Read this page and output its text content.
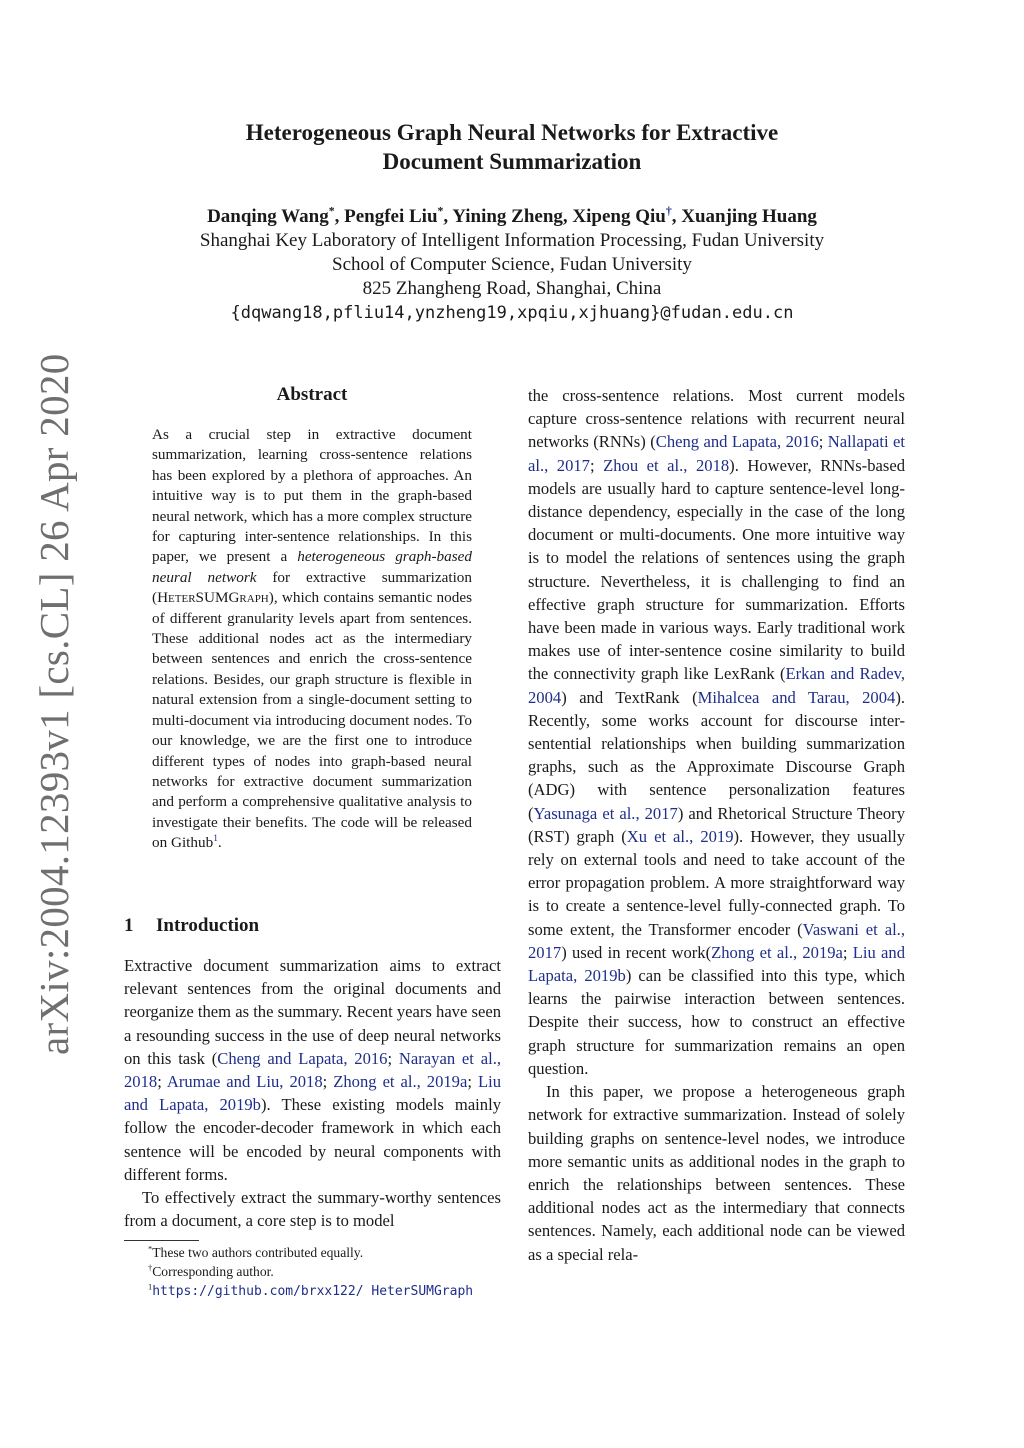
arXiv:2004.12393v1 [cs.CL] 26 Apr 2020
Heterogeneous Graph Neural Networks for Extractive
Document Summarization
Danqing Wang*, Pengfei Liu*, Yining Zheng, Xipeng Qiu†, Xuanjing Huang
Shanghai Key Laboratory of Intelligent Information Processing, Fudan University
School of Computer Science, Fudan University
825 Zhangheng Road, Shanghai, China
{dqwang18,pfliu14,ynzheng19,xpqiu,xjhuang}@fudan.edu.cn
Abstract
As a crucial step in extractive document summarization, learning cross-sentence relations has been explored by a plethora of approaches. An intuitive way is to put them in the graph-based neural network, which has a more complex structure for capturing inter-sentence relationships. In this paper, we present a heterogeneous graph-based neural network for extractive summarization (HeterSUMGraph), which contains semantic nodes of different granularity levels apart from sentences. These additional nodes act as the intermediary between sentences and enrich the cross-sentence relations. Besides, our graph structure is flexible in natural extension from a single-document setting to multi-document via introducing document nodes. To our knowledge, we are the first one to introduce different types of nodes into graph-based neural networks for extractive document summarization and perform a comprehensive qualitative analysis to investigate their benefits. The code will be released on Github$^1$.
1 Introduction

Extractive document summarization aims to extract relevant sentences from the original documents and reorganize them as the summary. Recent years have seen a resounding success in the use of deep neural networks on this task (Cheng and Lapata, 2016; Narayan et al., 2018; Arumae and Liu, 2018; Zhong et al., 2019a; Liu and Lapata, 2019b). These existing models mainly follow the encoder-decoder framework in which each sentence will be encoded by neural components with different forms.

To effectively extract the summary-worthy sentences from a document, a core step is to model

*These two authors contributed equally.
†Corresponding author.
$^1$https://github.com/brxx122/ HeterSUMGraph

the cross-sentence relations. Most current models capture cross-sentence relations with recurrent neural networks (RNNs) (Cheng and Lapata, 2016; Nallapati et al., 2017; Zhou et al., 2018). However, RNNs-based models are usually hard to capture sentence-level long-distance dependency, especially in the case of the long document or multi-documents. One more intuitive way is to model the relations of sentences using the graph structure. Nevertheless, it is challenging to find an effective graph structure for summarization. Efforts have been made in various ways. Early traditional work makes use of inter-sentence cosine similarity to build the connectivity graph like LexRank (Erkan and Radev, 2004) and TextRank (Mihalcea and Tarau, 2004). Recently, some works account for discourse inter-sentential relationships when building summarization graphs, such as the Approximate Discourse Graph (ADG) with sentence personalization features (Yasunaga et al., 2017) and Rhetorical Structure Theory (RST) graph (Xu et al., 2019). However, they usually rely on external tools and need to take account of the error propagation problem. A more straightforward way is to create a sentence-level fully-connected graph. To some extent, the Transformer encoder (Vaswani et al., 2017) used in recent work(Zhong et al., 2019a; Liu and Lapata, 2019b) can be classified into this type, which learns the pairwise interaction between sentences. Despite their success, how to construct an effective graph structure for summarization remains an open question.

In this paper, we propose a heterogeneous graph network for extractive summarization. Instead of solely building graphs on sentence-level nodes, we introduce more semantic units as additional nodes in the graph to enrich the relationships between sentences. These additional nodes act as the intermediary that connects sentences. Namely, each additional node can be viewed as a special rela-
